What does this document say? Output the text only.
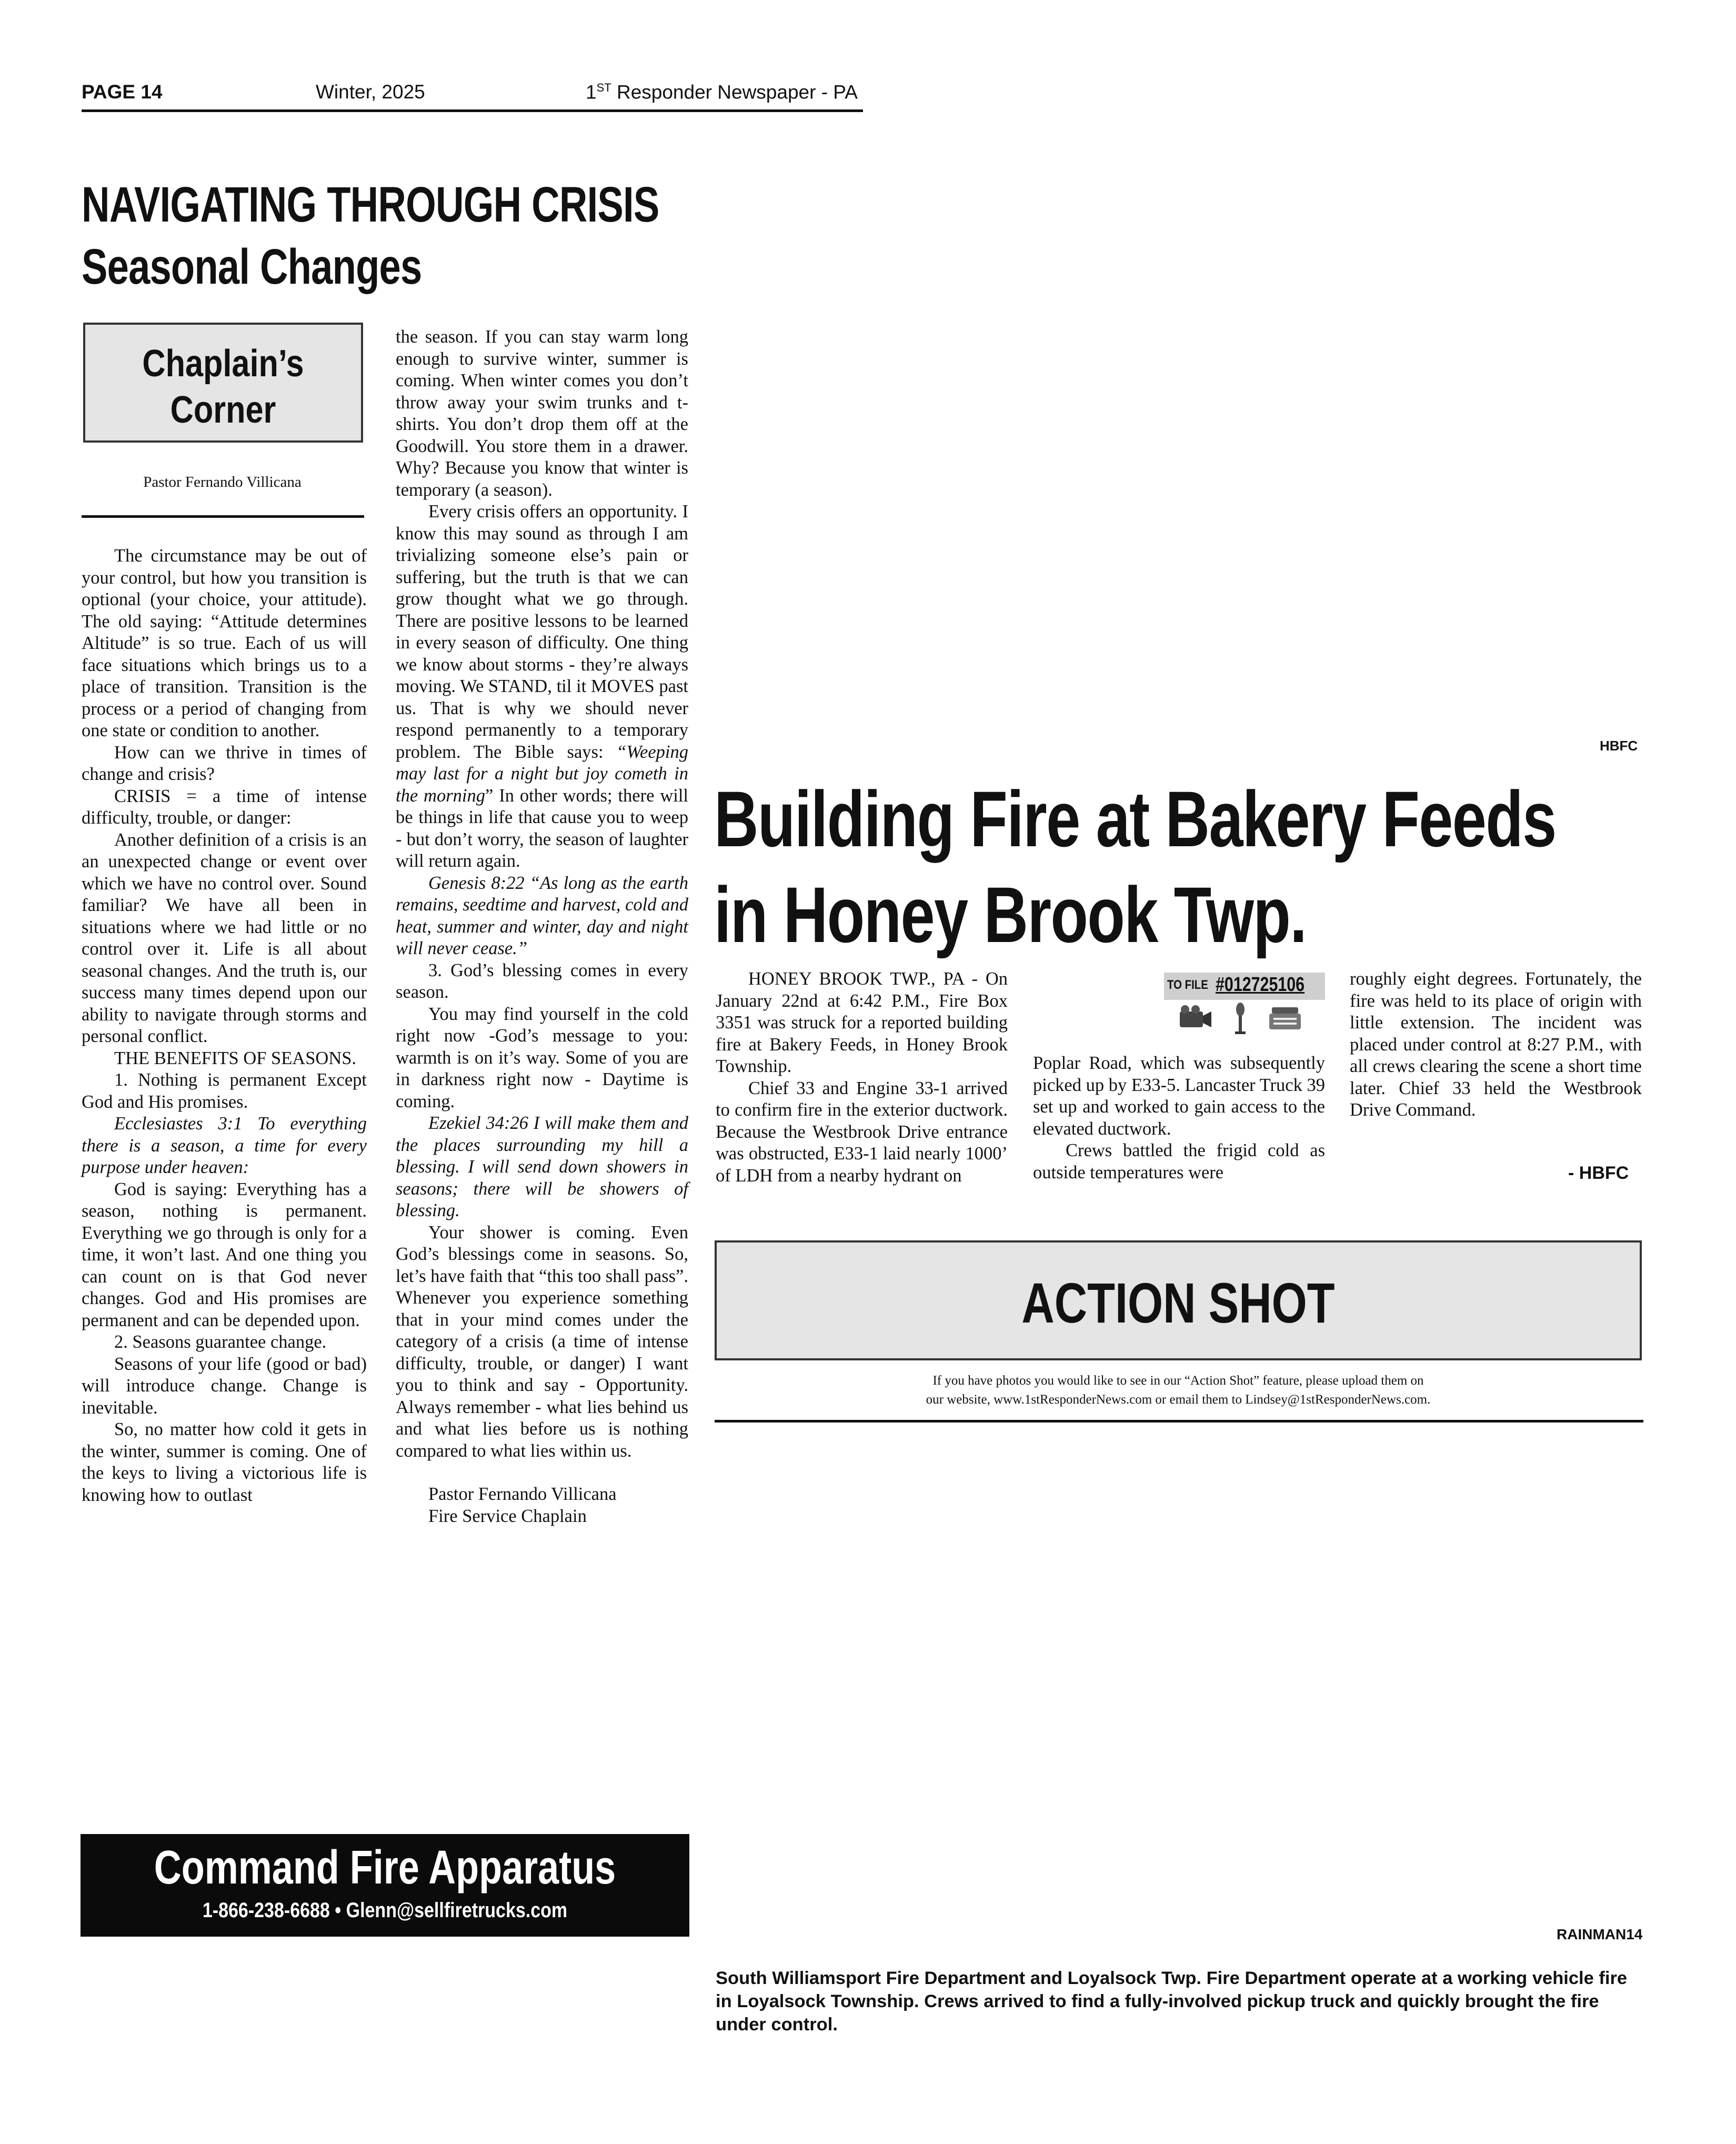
PAGE 14	Winter, 2025	1ST Responder Newspaper - PA
NAVIGATING THROUGH CRISIS
Seasonal Changes
Chaplain’s
Corner
Pastor Fernando Villicana

The circumstance may be out of your control, but how you transition is optional (your choice, your attitude). The old saying: “Attitude determines Altitude” is so true. Each of us will face situations which brings us to a place of transition. Transition is the process or a period of changing from one state or condition to another.

How can we thrive in times of change and crisis?

CRISIS = a time of intense difficulty, trouble, or danger:

Another definition of a crisis is an an unexpected change or event over which we have no control over. Sound familiar? We have all been in situations where we had little or no control over it. Life is all about seasonal changes. And the truth is, our success many times depend upon our ability to navigate through storms and personal conflict.

THE BENEFITS OF SEASONS.

1. Nothing is permanent Except God and His promises.

Ecclesiastes 3:1 To everything there is a season, a time for every purpose under heaven:

God is saying: Everything has a season, nothing is permanent. Everything we go through is only for a time, it won’t last. And one thing you can count on is that God never changes. God and His promises are permanent and can be depended upon.

2. Seasons guarantee change.

Seasons of your life (good or bad) will introduce change. Change is inevitable.

So, no matter how cold it gets in the winter, summer is coming. One of the keys to living a victorious life is knowing how to outlast

the season. If you can stay warm long enough to survive winter, summer is coming. When winter comes you don’t throw away your swim trunks and t-shirts. You don’t drop them off at the Goodwill. You store them in a drawer. Why? Because you know that winter is temporary (a season).

Every crisis offers an opportunity. I know this may sound as through I am trivializing someone else’s pain or suffering, but the truth is that we can grow thought what we go through. There are positive lessons to be learned in every season of difficulty. One thing we know about storms - they’re always moving. We STAND, til it MOVES past us. That is why we should never respond permanently to a temporary problem. The Bible says: “Weeping may last for a night but joy cometh in the morning” In other words; there will be things in life that cause you to weep - but don’t worry, the season of laughter will return again.

Genesis 8:22 “As long as the earth remains, seedtime and harvest, cold and heat, summer and winter, day and night will never cease.”

3. God’s blessing comes in every season.

You may find yourself in the cold right now -God’s message to you: warmth is on it’s way. Some of you are in darkness right now - Daytime is coming.

Ezekiel 34:26 I will make them and the places surrounding my hill a blessing. I will send down showers in seasons; there will be showers of blessing.

Your shower is coming. Even God’s blessings come in seasons. So, let’s have faith that “this too shall pass”. Whenever you experience something that in your mind comes under the category of a crisis (a time of intense difficulty, trouble, or danger) I want you to think and say - Opportunity. Always remember - what lies behind us and what lies before us is nothing compared to what lies within us.

Pastor Fernando Villicana

Fire Service Chaplain

HBFC
Building Fire at Bakery Feeds
in Honey Brook Twp.

HONEY BROOK TWP., PA - On January 22nd at 6:42 P.M., Fire Box 3351 was struck for a reported building fire at Bakery Feeds, in Honey Brook Township.

Chief 33 and Engine 33-1 arrived to confirm fire in the exterior ductwork. Because the Westbrook Drive entrance was obstructed, E33-1 laid nearly 1000’ of LDH from a nearby hydrant on

TO FILE #012725106

Poplar Road, which was subsequently picked up by E33-5. Lancaster Truck 39 set up and worked to gain access to the elevated ductwork.

Crews battled the frigid cold as outside temperatures were

roughly eight degrees. Fortunately, the fire was held to its place of origin with little extension. The incident was placed under control at 8:27 P.M., with all crews clearing the scene a short time later. Chief 33 held the Westbrook Drive Command.

- HBFC
ACTION SHOT
If you have photos you would like to see in our “Action Shot” feature, please upload them on
our website, www.1stResponderNews.com or email them to Lindsey@1stResponderNews.com.
Command Fire Apparatus
1-866-238-6688 • Glenn@sellfiretrucks.com
RAINMAN14
South Williamsport Fire Department and Loyalsock Twp. Fire Department operate at a working vehicle fire in Loyalsock Township. Crews arrived to find a fully-involved pickup truck and quickly brought the fire under control.
